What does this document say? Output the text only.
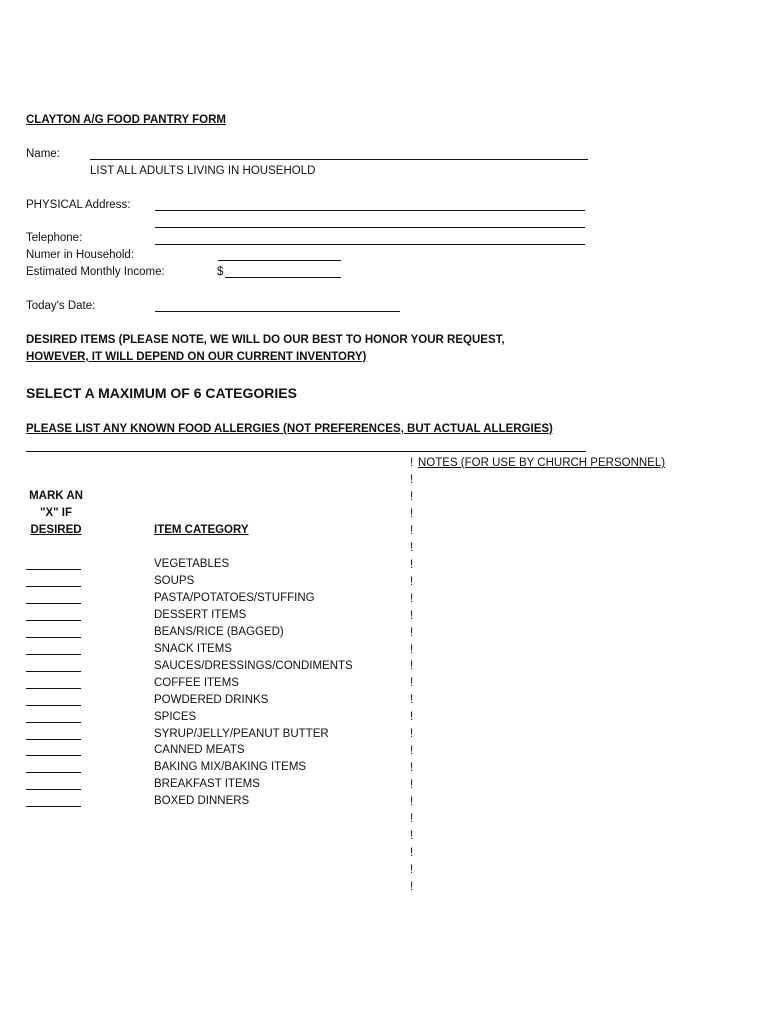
CLAYTON A/G FOOD PANTRY FORM
Name:
LIST ALL ADULTS LIVING IN HOUSEHOLD
PHYSICAL Address:
Telephone:
Numer in Household:
Estimated Monthly Income:	$
Today's Date:
DESIRED ITEMS (PLEASE NOTE, WE WILL DO OUR BEST TO HONOR YOUR REQUEST,
HOWEVER, IT WILL DEPEND ON OUR CURRENT INVENTORY)
SELECT A MAXIMUM OF 6 CATEGORIES
PLEASE LIST ANY KNOWN FOOD ALLERGIES (NOT PREFERENCES, BUT ACTUAL ALLERGIES)
! NOTES (FOR USE BY CHURCH PERSONNEL)
!
!
!
!
!
!
!
!
!
!
!
!
!
!
!
!
!
!
!
!
!
!
!
!
!
MARK AN
"X" IF
DESIRED	ITEM CATEGORY
VEGETABLES
SOUPS
PASTA/POTATOES/STUFFING
DESSERT ITEMS
BEANS/RICE (BAGGED)
SNACK ITEMS
SAUCES/DRESSINGS/CONDIMENTS
COFFEE ITEMS
POWDERED DRINKS
SPICES
SYRUP/JELLY/PEANUT BUTTER
CANNED MEATS
BAKING MIX/BAKING ITEMS
BREAKFAST ITEMS
BOXED DINNERS
